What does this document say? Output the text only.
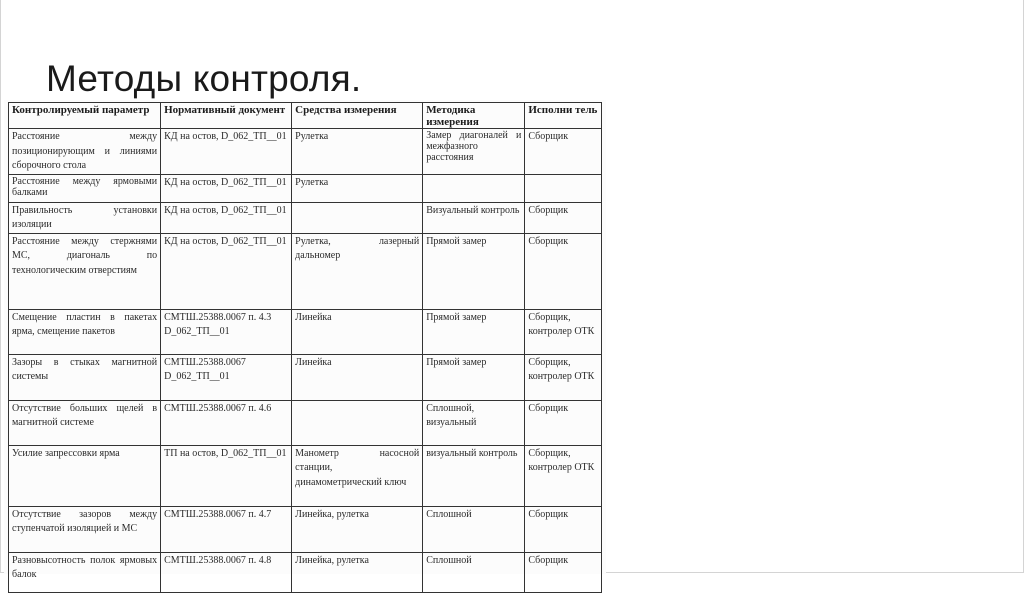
Методы контроля.
Контролируемый параметр	Нормативный документ	Средства измерения	Методика измерения	Исполни тель
Расстояние между позиционирующим и линиями сборочного стола	КД на остов, D_062_ТП__01	Рулетка	Замер диагоналей и межфазного расстояния	Сборщик
Расстояние между ярмовыми балками	КД на остов, D_062_ТП__01	Рулетка		
Правильность установки изоляции	КД на остов, D_062_ТП__01		Визуальный контроль	Сборщик
Расстояние между стержнями МС, диагональ по технологическим отверстиям	КД на остов, D_062_ТП__01	Рулетка, лазерный дальномер	Прямой замер	Сборщик
Смещение пластин в пакетах ярма, смещение пакетов	СМТШ.25388.0067 п. 4.3 D_062_ТП__01	Линейка	Прямой замер	Сборщик, контролер ОТК
Зазоры в стыках магнитной системы	СМТШ.25388.0067 D_062_ТП__01	Линейка	Прямой замер	Сборщик, контролер ОТК
Отсутствие больших щелей в магнитной системе	СМТШ.25388.0067 п. 4.6		Сплошной, визуальный	Сборщик
Усилие запрессовки ярма	ТП на остов, D_062_ТП__01	Манометр насосной станции, динамометрический ключ	визуальный контроль	Сборщик, контролер ОТК
Отсутствие зазоров между ступенчатой изоляцией и МС	СМТШ.25388.0067 п. 4.7	Линейка, рулетка	Сплошной	Сборщик
Разновысотность полок ярмовых балок	СМТШ.25388.0067 п. 4.8	Линейка, рулетка	Сплошной	Сборщик
